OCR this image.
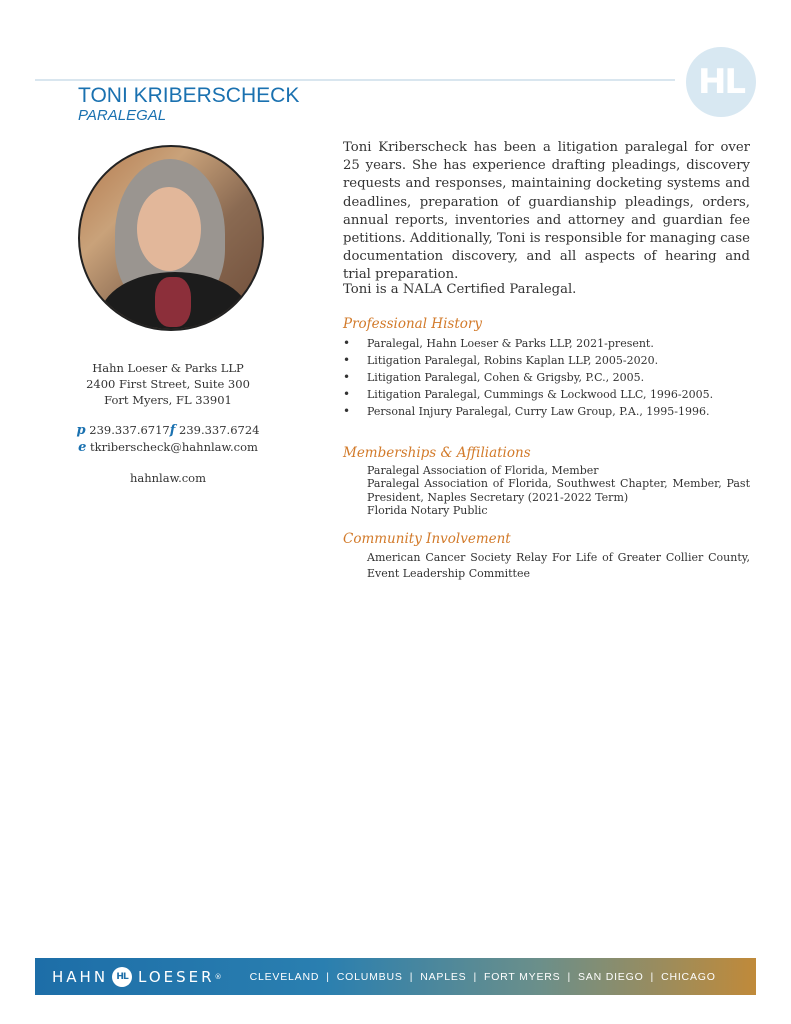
HL
TONI KRIBERSCHECK
PARALEGAL
Hahn Loeser & Parks LLP
2400 First Street, Suite 300
Fort Myers, FL 33901
p 239.337.6717f 239.337.6724
e tkriberscheck@hahnlaw.com
hahnlaw.com

Toni Kriberscheck has been a litigation paralegal for over 25 years. She has experience drafting pleadings, discovery requests and responses, maintaining docketing systems and deadlines, preparation of guardianship pleadings, orders, annual reports, inventories and attorney and guardian fee petitions. Additionally, Toni is responsible for managing case documentation discovery, and all aspects of hearing and trial preparation.

Toni is a NALA Certified Paralegal.

Professional History
• Paralegal, Hahn Loeser & Parks LLP, 2021-present.
• Litigation Paralegal, Robins Kaplan LLP, 2005-2020.
• Litigation Paralegal, Cohen & Grigsby, P.C., 2005.
• Litigation Paralegal, Cummings & Lockwood LLC, 1996-2005.
• Personal Injury Paralegal, Curry Law Group, P.A., 1995-1996.
Memberships & Affiliations
Paralegal Association of Florida, Member
Paralegal Association of Florida, Southwest Chapter, Member, Past President, Naples Secretary (2021-2022 Term)
Florida Notary Public
Community Involvement
American Cancer Society Relay For Life of Greater Collier County, Event Leadership Committee
HAHN HL LOESER ®	CLEVELAND | COLUMBUS | NAPLES | FORT MYERS | SAN DIEGO | CHICAGO
